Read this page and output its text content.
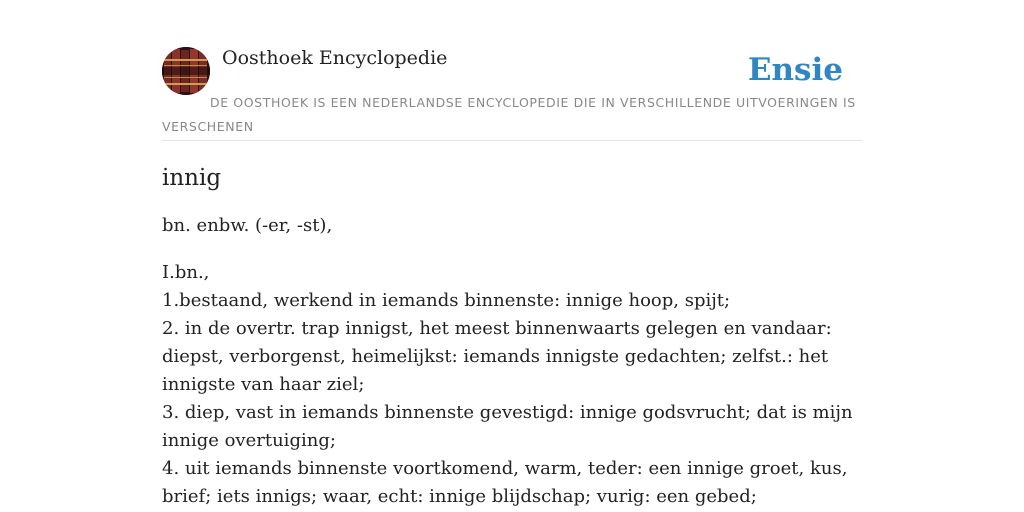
Oosthoek Encyclopedie	Ensie
DE OOSTHOEK IS EEN NEDERLANDSE ENCYCLOPEDIE DIE IN VERSCHILLENDE UITVOERINGEN IS VERSCHENEN
innig

bn. enbw. (-er, -st),

I.bn.,
1.bestaand, werkend in iemands binnenste: innige hoop, spijt;
2. in de overtr. trap innigst, het meest binnenwaarts gelegen en vandaar: diepst, verborgenst, heimelijkst: iemands innigste gedachten; zelfst.: het innigste van haar ziel;
3. diep, vast in iemands binnenste gevestigd: innige godsvrucht; dat is mijn innige overtuiging;
4. uit iemands binnenste voortkomend, warm, teder: een innige groet, kus, brief; iets innigs; waar, echt: innige blijdschap; vurig: een gebed;
